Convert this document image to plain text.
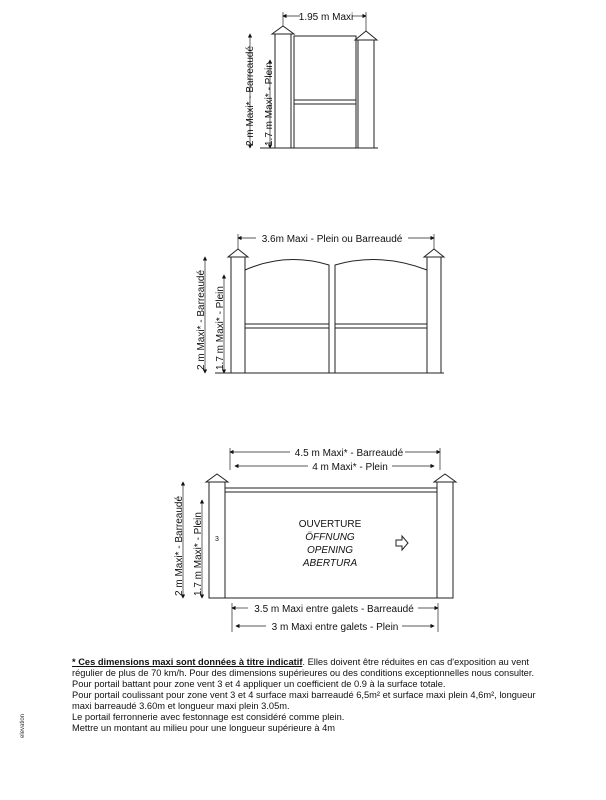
1.95 m Maxi
2 m Maxi* - Barreaudé 1.7 m Maxi* - Plein
3.6m Maxi - Plein ou Barreaudé
2 m Maxi* - Barreaudé 1.7 m Maxi* - Plein
4.5 m Maxi* - Barreaudé
4 m Maxi* - Plein
3.5 m Maxi entre galets - Barreaudé
3 m Maxi entre galets - Plein
2 m Maxi* - Barreaudé 1.7 m Maxi* - Plein 3
OUVERTURE
ÖFFNUNG
OPENING
ABERTURA

* Ces dimensions maxi sont données à titre indicatif. Elles doivent être réduites en cas d'exposition au vent

régulier de plus de 70 km/h. Pour des dimensions supérieures ou des conditions exceptionnelles nous consulter.

Pour portail battant pour zone vent 3 et 4 appliquer un coefficient de 0.9 à la surface totale.

Pour portail coulissant pour zone vent 3 et 4 surface maxi barreaudé 6,5m² et surface maxi plein 4,6m², longueur

maxi barreaudé 3.60m et longueur maxi plein 3.05m.

Le portail ferronnerie avec festonnage est considéré comme plein.

Mettre un montant au milieu pour une longueur supérieure à 4m

elevation
